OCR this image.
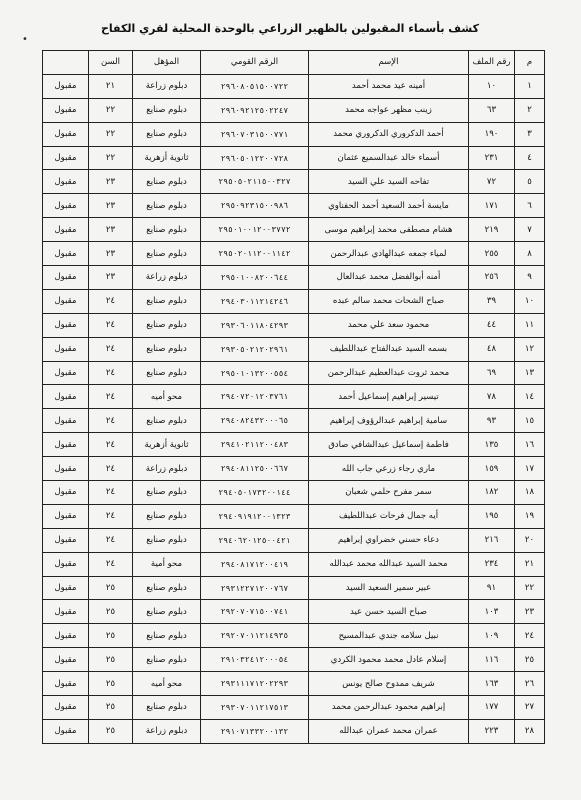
كشف بأسماء المقبولين بالظهير الزراعي بالوحدة المحلية لقري الكفاح
•
م	رقم الملف	الإسم	الرقم القومي	المؤهل	السن	
١	١٠	أمينه عيد محمد أحمد	٢٩٦٠٨٠٥١٥٠٠٧٢٢	دبلوم زراعة	٢١	مقبول
٢	٦٣	زينب مظهر عواجه محمد	٢٩٦٠٩٢١٢٥٠٢٢٤٧	دبلوم صنايع	٢٢	مقبول
٣	١٩٠	أحمد الدكروري الدكروري محمد	٢٩٦٠٧٠٣١٥٠٠٧٧١	دبلوم صنايع	٢٢	مقبول
٤	٢٣١	أسماء خالد عبدالسميع عثمان	٢٩٦٠٥٠١٢٢٠٠٧٢٨	ثانوية أزهرية	٢٢	مقبول
٥	٧٢	تفاحه السيد علي السيد	٢٩٥٠٥٠٢١١٥٠٠٣٢٧	دبلوم صنايع	٢٣	مقبول
٦	١٧١	مايسة أحمد السعيد أحمد الحفناوي	٢٩٥٠٩٢٣١٥٠٠٩٨٦	دبلوم صنايع	٢٣	مقبول
٧	٢١٩	هشام مصطفى محمد إبراهيم موسى	٢٩٥٠١٠٠١٢٠٠٣٧٧٢	دبلوم صنايع	٢٣	مقبول
٨	٢٥٥	لمياء جمعه عبدالهادي عبدالرحمن	٢٩٥٠٢٠١١٢٠٠١١٤٢	دبلوم صنايع	٢٣	مقبول
٩	٢٥٦	أمنه أبوالفضل محمد عبدالعال	٢٩٥٠١٠٠٨٢٠٠٦٤٤	دبلوم زراعة	٢٣	مقبول
١٠	٣٩	صباح الشحات محمد سالم عبده	٢٩٤٠٣٠١١٢١٤٢٤٦	دبلوم صنايع	٢٤	مقبول
١١	٤٤	محمود سعد علي محمد	٢٩٣٠٦٠١١٨٠٤٢٩٣	دبلوم صنايع	٢٤	مقبول
١٢	٤٨	بسمه السيد عبدالفتاح عبداللطيف	٢٩٣٠٥٠٢١٢٠٢٩٦١	دبلوم صنايع	٢٤	مقبول
١٣	٦٩	محمد ثروت عبدالعظيم عبدالرحمن	٢٩٥٠١٠١٣٢٠٠٥٥٤	دبلوم صنايع	٢٤	مقبول
١٤	٧٨	تيسير إبراهيم إسماعيل أحمد	٢٩٤٠٧٢٠١٢٠٣٧٦١	محو أميه	٢٤	مقبول
١٥	٩٣	سامية إبراهيم عبدالرؤوف إبراهيم	٢٩٤٠٨٢٤٣٢٠٠٠٦٥	دبلوم صنايع	٢٤	مقبول
١٦	١٣٥	فاطمة إسماعيل عبدالشافي صادق	٢٩٤١٠٢١١٢٠٠٤٨٣	ثانوية أزهرية	٢٤	مقبول
١٧	١٥٩	ماري رجاء زرعي جاب الله	٢٩٤٠٨١١٢٥٠٠٦٦٧	دبلوم زراعة	٢٤	مقبول
١٨	١٨٢	سمر مفرح حلمي شعبان	٢٩٤٠٥٠١٧٣٢٠٠١٤٤	دبلوم صنايع	٢٤	مقبول
١٩	١٩٥	أيه جمال فرحات عبداللطيف	٢٩٤٠٩١٩١٢٠٠١٣٢٣	دبلوم صنايع	٢٤	مقبول
٢٠	٢١٦	دعاء حسني خضراوي إبراهيم	٢٩٤٠٦٢٠١٢٥٠٠٤٢١	دبلوم صنايع	٢٤	مقبول
٢١	٢٣٤	محمد السيد عبدالله محمد عبدالله	٢٩٤٠٨١٧١٢٠٠٤١٩	محو أمية	٢٤	مقبول
٢٢	٩١	عبير سمير السعيد السيد	٢٩٣١٢٢٧١٢٠٠٧٦٧	دبلوم صنايع	٢٥	مقبول
٢٣	١٠٣	صباح السيد حسن عيد	٢٩٢٠٧٠٧١٥٠٠٧٤١	دبلوم صنايع	٢٥	مقبول
٢٤	١٠٩	نبيل سلامه جندي عبدالمسيح	٢٩٢٠٧٠١١٢١٤٩٣٥	دبلوم صنايع	٢٥	مقبول
٢٥	١١٦	إسلام عادل محمد محمود الكردي	٢٩١٠٣٢٤١٢٠٠٠٥٤	دبلوم صنايع	٢٥	مقبول
٢٦	١٦٣	شريف ممدوح صالح يونس	٢٩٣١١١٧١٢٠٢٢٩٣	محو أميه	٢٥	مقبول
٢٧	١٧٧	إبراهيم محمود عبدالرحمن محمد	٢٩٣٠٧٠١١٢١٧٥١٣	دبلوم صنايع	٢٥	مقبول
٢٨	٢٢٣	عمران محمد عمران عبدالله	٢٩١٠٧١٣٣٢٠٠١٣٢	دبلوم زراعة	٢٥	مقبول
